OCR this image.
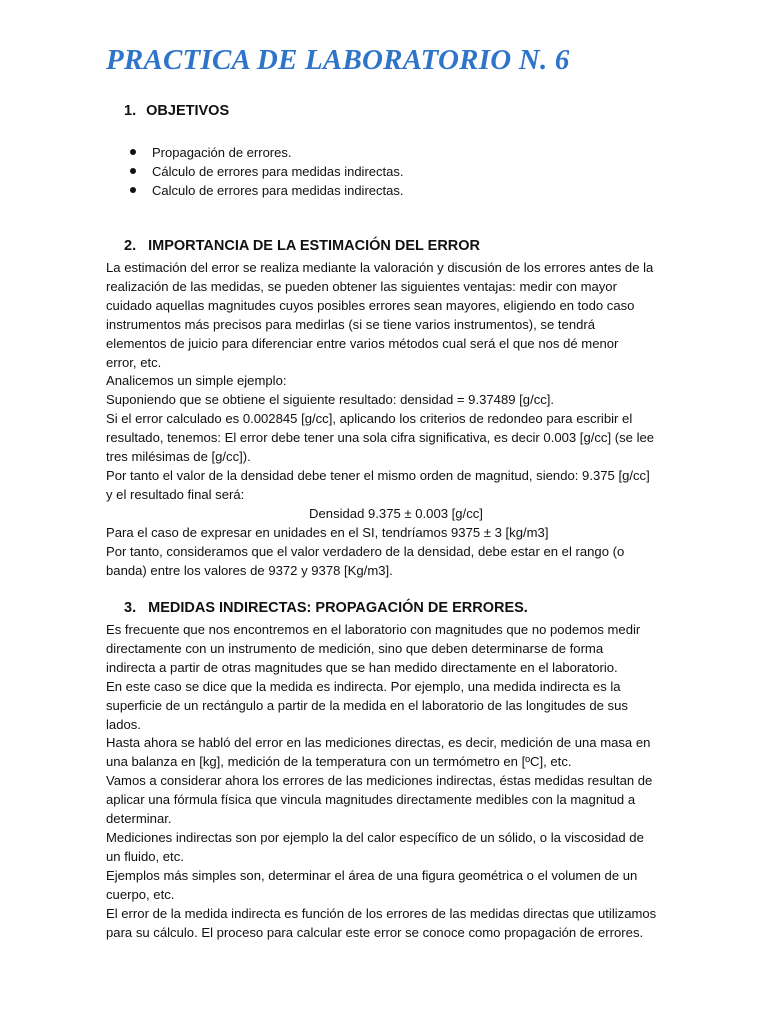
PRACTICA DE LABORATORIO N. 6
1. OBJETIVOS
Propagación de errores.
Cálculo de errores para medidas indirectas.
Calculo de errores para medidas indirectas.
2. IMPORTANCIA DE LA ESTIMACIÓN DEL ERROR

La estimación del error se realiza mediante la valoración y discusión de los errores antes de la

realización de las medidas, se pueden obtener las siguientes ventajas: medir con mayor

cuidado aquellas magnitudes cuyos posibles errores sean mayores, eligiendo en todo caso

instrumentos más precisos para medirlas (si se tiene varios instrumentos), se tendrá

elementos de juicio para diferenciar entre varios métodos cual será el que nos dé menor

error, etc.

Analicemos un simple ejemplo:

Suponiendo que se obtiene el siguiente resultado: densidad = 9.37489 [g/cc].

Si el error calculado es 0.002845 [g/cc], aplicando los criterios de redondeo para escribir el

resultado, tenemos: El error debe tener una sola cifra significativa, es decir 0.003 [g/cc] (se lee

tres milésimas de [g/cc]).

Por tanto el valor de la densidad debe tener el mismo orden de magnitud, siendo: 9.375 [g/cc]

y el resultado final será:

Densidad 9.375 ± 0.003 [g/cc]

Para el caso de expresar en unidades en el SI, tendríamos 9375 ± 3 [kg/m3]

Por tanto, consideramos que el valor verdadero de la densidad, debe estar en el rango (o

banda) entre los valores de 9372 y 9378 [Kg/m3].

3. MEDIDAS INDIRECTAS: PROPAGACIÓN DE ERRORES.

Es frecuente que nos encontremos en el laboratorio con magnitudes que no podemos medir

directamente con un instrumento de medición, sino que deben determinarse de forma

indirecta a partir de otras magnitudes que se han medido directamente en el laboratorio.

En este caso se dice que la medida es indirecta. Por ejemplo, una medida indirecta es la

superficie de un rectángulo a partir de la medida en el laboratorio de las longitudes de sus

lados.

Hasta ahora se habló del error en las mediciones directas, es decir, medición de una masa en

una balanza en [kg], medición de la temperatura con un termómetro en [ºC], etc.

Vamos a considerar ahora los errores de las mediciones indirectas, éstas medidas resultan de

aplicar una fórmula física que vincula magnitudes directamente medibles con la magnitud a

determinar.

Mediciones indirectas son por ejemplo la del calor específico de un sólido, o la viscosidad de

un fluido, etc.

Ejemplos más simples son, determinar el área de una figura geométrica o el volumen de un

cuerpo, etc.

El error de la medida indirecta es función de los errores de las medidas directas que utilizamos

para su cálculo. El proceso para calcular este error se conoce como propagación de errores.
